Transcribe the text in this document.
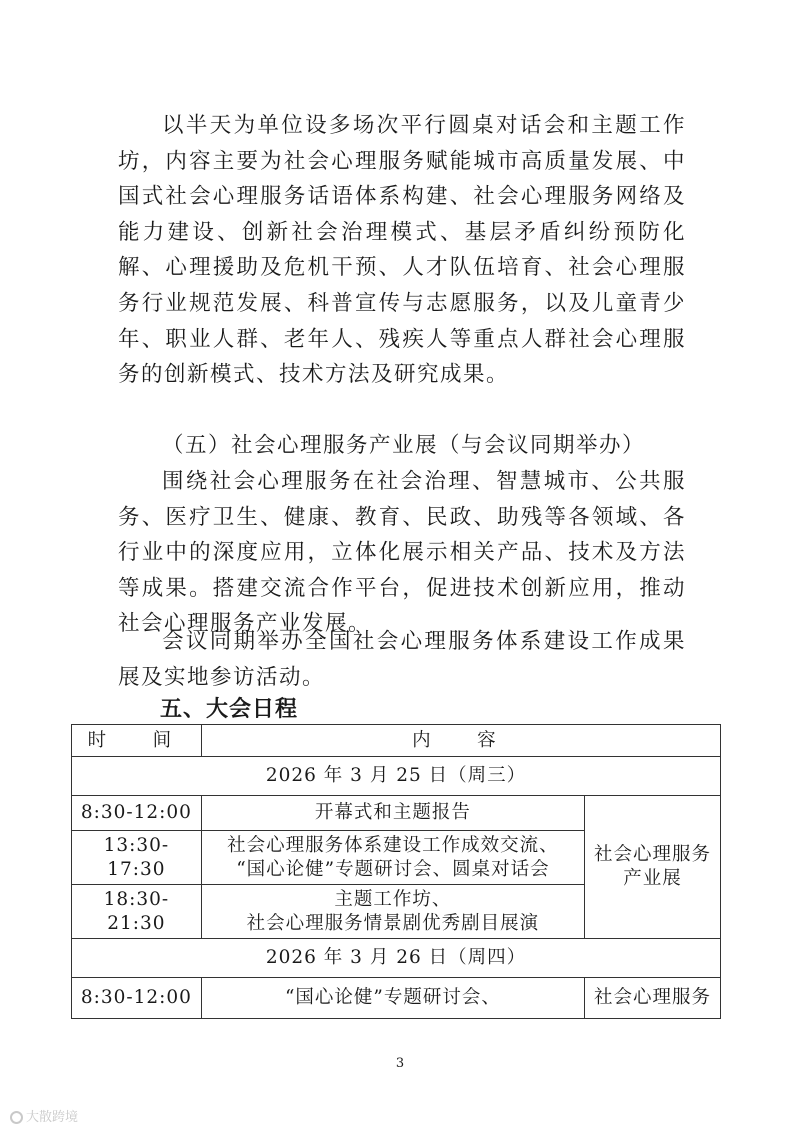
以半天为单位设多场次平行圆桌对话会和主题工作坊，内容主要为社会心理服务赋能城市高质量发展、中国式社会心理服务话语体系构建、社会心理服务网络及能力建设、创新社会治理模式、基层矛盾纠纷预防化解、心理援助及危机干预、人才队伍培育、社会心理服务行业规范发展、科普宣传与志愿服务，以及儿童青少年、职业人群、老年人、残疾人等重点人群社会心理服务的创新模式、技术方法及研究成果。

（五）社会心理服务产业展（与会议同期举办）

围绕社会心理服务在社会治理、智慧城市、公共服务、医疗卫生、健康、教育、民政、助残等各领域、各行业中的深度应用，立体化展示相关产品、技术及方法等成果。搭建交流合作平台，促进技术创新应用，推动社会心理服务产业发展。

会议同期举办全国社会心理服务体系建设工作成果展及实地参访活动。

五、大会日程
时　间	内　容	
2026 年 3 月 25 日（周三）		
8:30-12:00	开幕式和主题报告	社会心理服务
产业展

13:30-17:30	社会心理服务体系建设工作成效交流、
“国心论健”专题研讨会、圆桌对话会	

18:30-21:30	主题工作坊、
社会心理服务情景剧优秀剧目展演	

2026 年 3 月 26 日（周四）		
8:30-12:00	“国心论健”专题研讨会、	社会心理服务
3
大散跨境
